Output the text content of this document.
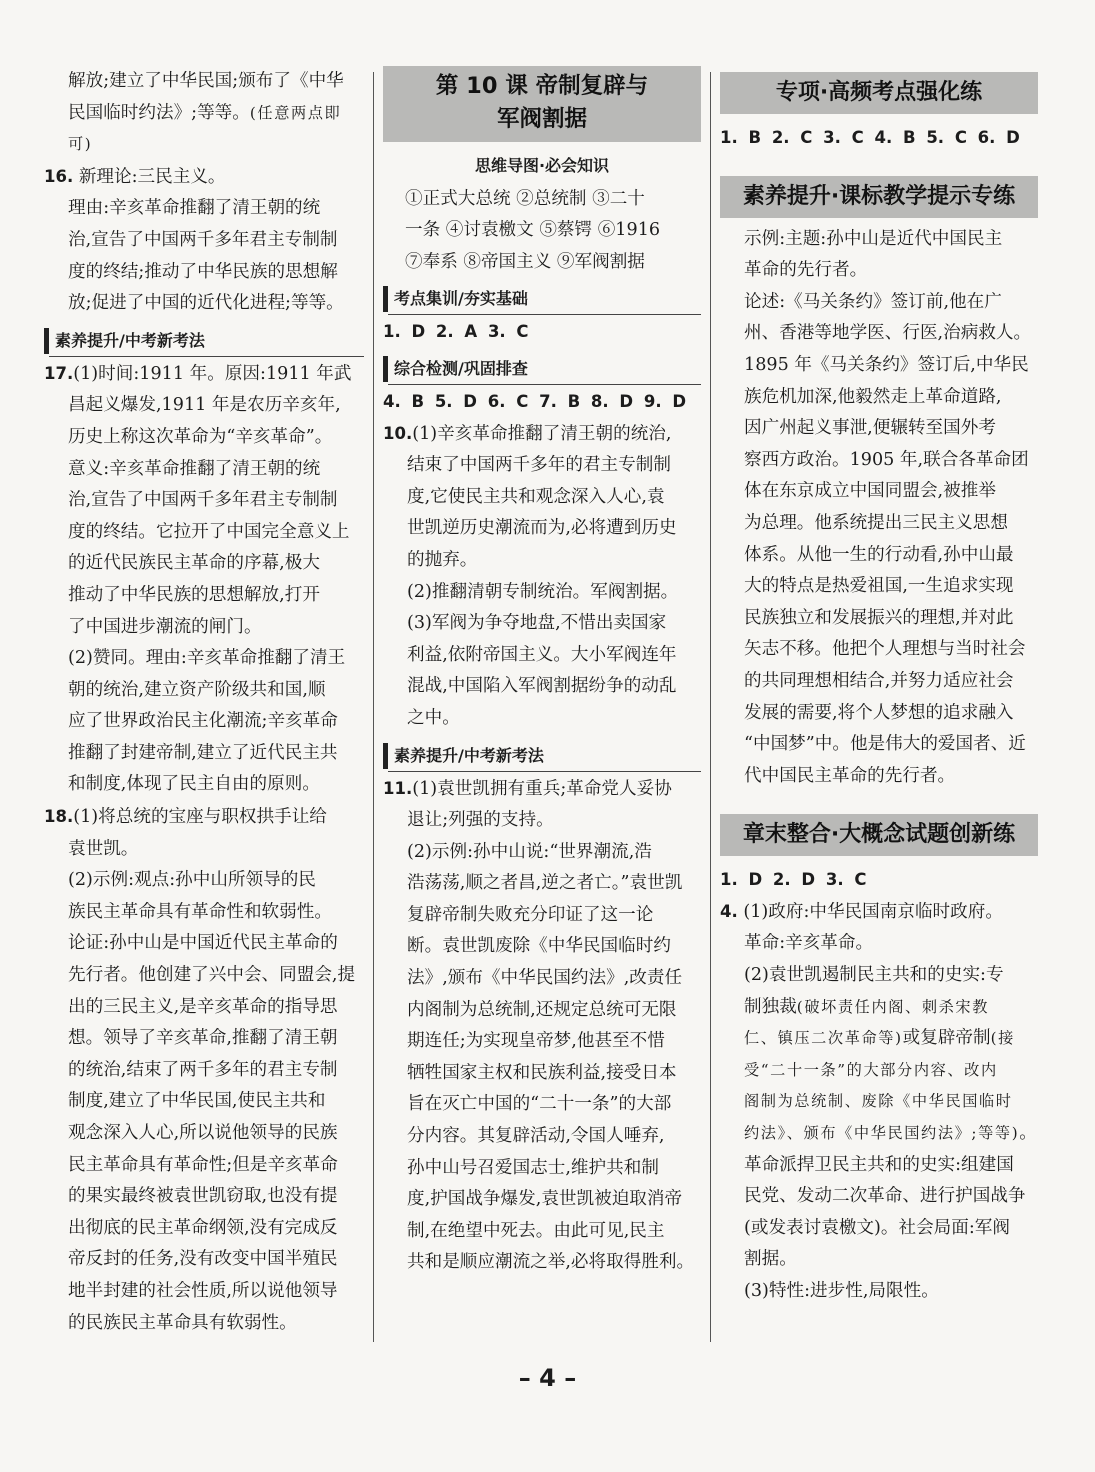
解放;建立了中华民国;颁布了《中华
民国临时约法》;等等。(任意两点即可)

16. 新理论:三民主义。

理由:辛亥革命推翻了清王朝的统
治,宣告了中国两千多年君主专制制
度的终结;推动了中华民族的思想解
放;促进了中国的近代化进程;等等。

素养提升/中考新考法

17.(1)时间:1911 年。原因:1911 年武

昌起义爆发,1911 年是农历辛亥年,
历史上称这次革命为“辛亥革命”。
意义:辛亥革命推翻了清王朝的统
治,宣告了中国两千多年君主专制制
度的终结。它拉开了中国完全意义上
的近代民族民主革命的序幕,极大
推动了中华民族的思想解放,打开
了中国进步潮流的闸门。

(2)赞同。理由:辛亥革命推翻了清王
朝的统治,建立资产阶级共和国,顺
应了世界政治民主化潮流;辛亥革命
推翻了封建帝制,建立了近代民主共
和制度,体现了民主自由的原则。

18.(1)将总统的宝座与职权拱手让给

袁世凯。

(2)示例:观点:孙中山所领导的民
族民主革命具有革命性和软弱性。
论证:孙中山是中国近代民主革命的
先行者。他创建了兴中会、同盟会,提
出的三民主义,是辛亥革命的指导思
想。领导了辛亥革命,推翻了清王朝
的统治,结束了两千多年的君主专制
制度,建立了中华民国,使民主共和
观念深入人心,所以说他领导的民族
民主革命具有革命性;但是辛亥革命
的果实最终被袁世凯窃取,也没有提
出彻底的民主革命纲领,没有完成反
帝反封的任务,没有改变中国半殖民
地半封建的社会性质,所以说他领导
的民族民主革命具有软弱性。

第 10 课 帝制复辟与
军阀割据
思维导图·必会知识

①正式大总统 ②总统制 ③二十
一条 ④讨袁檄文 ⑤蔡锷 ⑥1916
⑦奉系 ⑧帝国主义 ⑨军阀割据

考点集训/夯实基础

1. D 2. A 3. C

综合检测/巩固排查

4. B 5. D 6. C 7. B 8. D 9. D

10.(1)辛亥革命推翻了清王朝的统治,

结束了中国两千多年的君主专制制
度,它使民主共和观念深入人心,袁
世凯逆历史潮流而为,必将遭到历史
的抛弃。

(2)推翻清朝专制统治。军阀割据。

(3)军阀为争夺地盘,不惜出卖国家
利益,依附帝国主义。大小军阀连年
混战,中国陷入军阀割据纷争的动乱
之中。

素养提升/中考新考法

11.(1)袁世凯拥有重兵;革命党人妥协

退让;列强的支持。

(2)示例:孙中山说:“世界潮流,浩
浩荡荡,顺之者昌,逆之者亡。”袁世凯
复辟帝制失败充分印证了这一论
断。袁世凯废除《中华民国临时约
法》,颁布《中华民国约法》,改责任
内阁制为总统制,还规定总统可无限
期连任;为实现皇帝梦,他甚至不惜
牺牲国家主权和民族利益,接受日本
旨在灭亡中国的“二十一条”的大部
分内容。其复辟活动,令国人唾弃,
孙中山号召爱国志士,维护共和制
度,护国战争爆发,袁世凯被迫取消帝
制,在绝望中死去。由此可见,民主
共和是顺应潮流之举,必将取得胜利。

专项·高频考点强化练

1. B 2. C 3. C 4. B 5. C 6. D

素养提升·课标教学提示专练

示例:主题:孙中山是近代中国民主
革命的先行者。
论述:《马关条约》签订前,他在广
州、香港等地学医、行医,治病救人。
1895 年《马关条约》签订后,中华民
族危机加深,他毅然走上革命道路,
因广州起义事泄,便辗转至国外考
察西方政治。1905 年,联合各革命团
体在东京成立中国同盟会,被推举
为总理。他系统提出三民主义思想
体系。从他一生的行动看,孙中山最
大的特点是热爱祖国,一生追求实现
民族独立和发展振兴的理想,并对此
矢志不移。他把个人理想与当时社会
的共同理想相结合,并努力适应社会
发展的需要,将个人梦想的追求融入
“中国梦”中。他是伟大的爱国者、近
代中国民主革命的先行者。

章末整合·大概念试题创新练

1. D 2. D 3. C

4. (1)政府:中华民国南京临时政府。

革命:辛亥革命。

(2)袁世凯遏制民主共和的史实:专
制独裁(破坏责任内阁、刺杀宋教
仁、镇压二次革命等)或复辟帝制(接
受“二十一条”的大部分内容、改内
阁制为总统制、废除《中华民国临时
约法》、颁布《中华民国约法》;等等)。
革命派捍卫民主共和的史实:组建国
民党、发动二次革命、进行护国战争
(或发表讨袁檄文)。社会局面:军阀
割据。

(3)特性:进步性,局限性。

– 4 –
